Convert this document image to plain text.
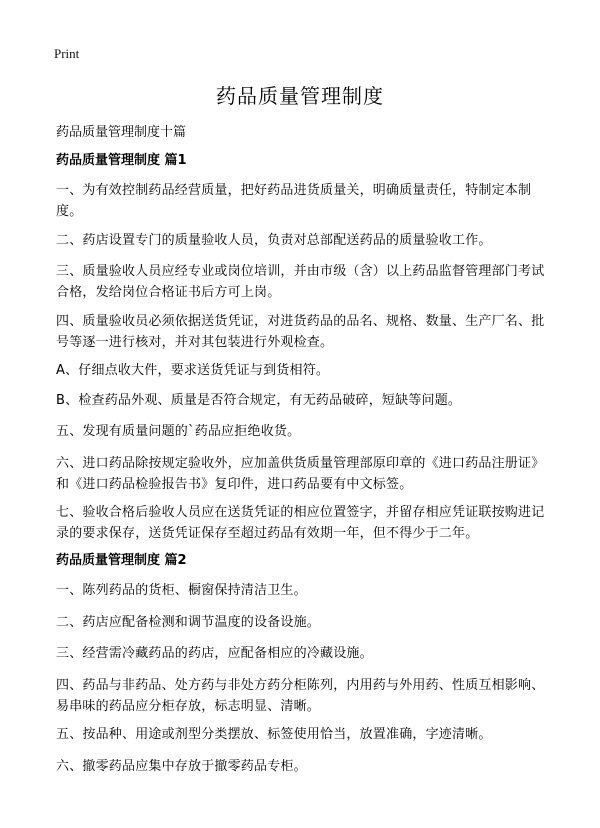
Print
药品质量管理制度

药品质量管理制度十篇

药品质量管理制度 篇1

一、为有效控制药品经营质量，把好药品进货质量关，明确质量责任，特制定本制度。

二、药店设置专门的质量验收人员，负责对总部配送药品的质量验收工作。

三、质量验收人员应经专业或岗位培训，并由市级（含）以上药品监督管理部门考试合格，发给岗位合格证书后方可上岗。

四、质量验收员必须依据送货凭证，对进货药品的品名、规格、数量、生产厂名、批号等逐一进行核对，并对其包装进行外观检查。

A、仔细点收大件，要求送货凭证与到货相符。

B、检查药品外观、质量是否符合规定，有无药品破碎，短缺等问题。

五、发现有质量问题的`药品应拒绝收货。

六、进口药品除按规定验收外，应加盖供货质量管理部原印章的《进口药品注册证》和《进口药品检验报告书》复印件，进口药品要有中文标签。

七、验收合格后验收人员应在送货凭证的相应位置签字，并留存相应凭证联按购进记录的要求保存，送货凭证保存至超过药品有效期一年，但不得少于二年。

药品质量管理制度 篇2

一、陈列药品的货柜、橱窗保持清洁卫生。

二、药店应配备检测和调节温度的设备设施。

三、经营需冷藏药品的药店，应配备相应的冷藏设施。

四、药品与非药品、处方药与非处方药分柜陈列，内用药与外用药、性质互相影响、易串味的药品应分柜存放，标志明显、清晰。

五、按品种、用途或剂型分类摆放、标签使用恰当，放置准确，字迹清晰。

六、撤零药品应集中存放于撤零药品专柜。
